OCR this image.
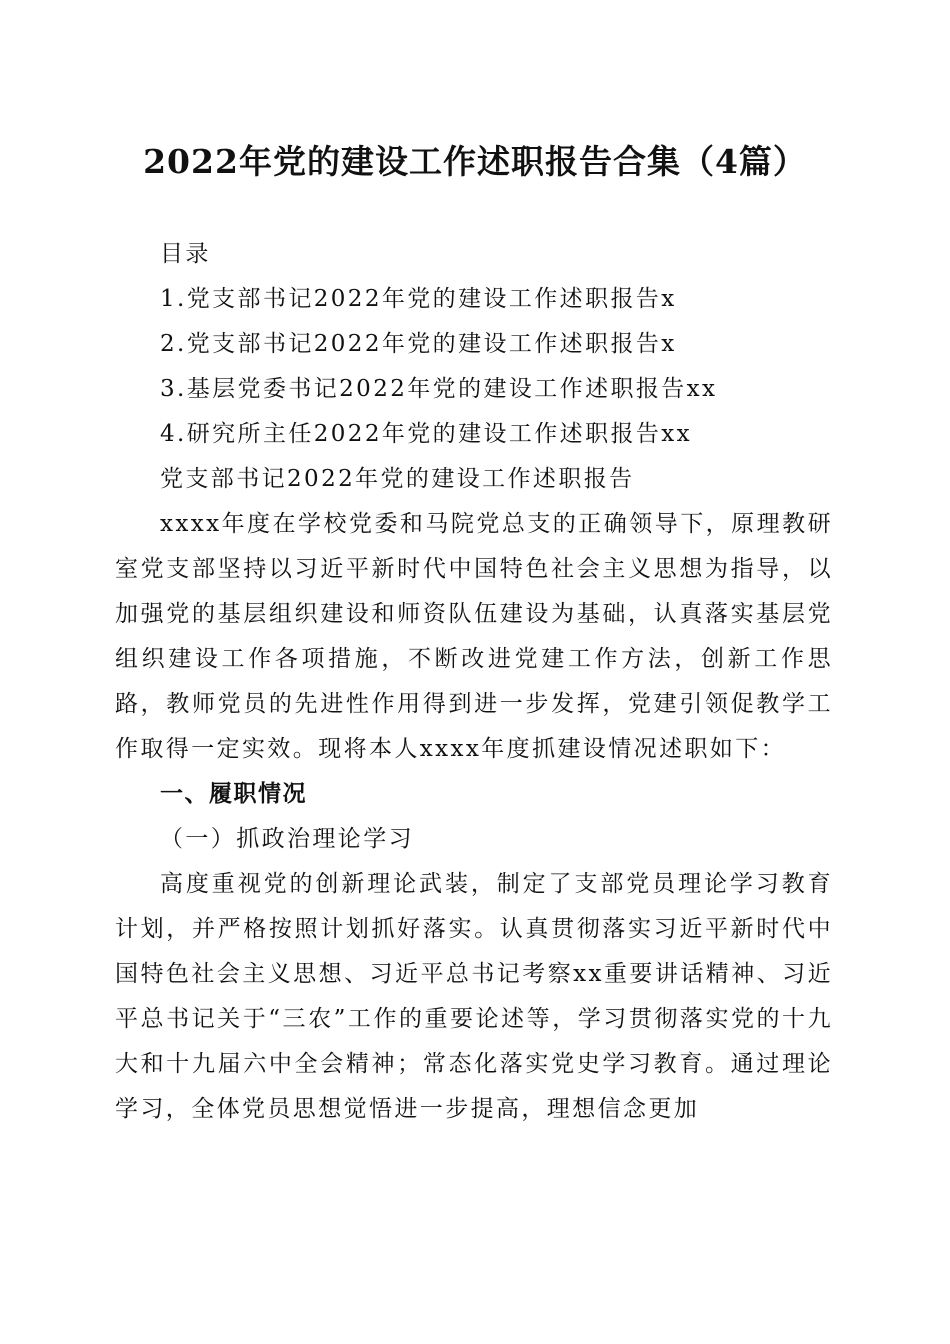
2022年党的建设工作述职报告合集（4篇）
目录
1.党支部书记2022年党的建设工作述职报告x
2.党支部书记2022年党的建设工作述职报告x
3.基层党委书记2022年党的建设工作述职报告xx
4.研究所主任2022年党的建设工作述职报告xx
党支部书记2022年党的建设工作述职报告

xxxx年度在学校党委和马院党总支的正确领导下，原理教研室党支部坚持以习近平新时代中国特色社会主义思想为指导，以加强党的基层组织建设和师资队伍建设为基础，认真落实基层党组织建设工作各项措施，不断改进党建工作方法，创新工作思路，教师党员的先进性作用得到进一步发挥，党建引领促教学工作取得一定实效。现将本人xxxx年度抓建设情况述职如下：

一、履职情况
（一）抓政治理论学习

高度重视党的创新理论武装，制定了支部党员理论学习教育计划，并严格按照计划抓好落实。认真贯彻落实习近平新时代中国特色社会主义思想、习近平总书记考察xx重要讲话精神、习近平总书记关于“三农”工作的重要论述等，学习贯彻落实党的十九大和十九届六中全会精神；常态化落实党史学习教育。通过理论学习，全体党员思想觉悟进一步提高，理想信念更加
